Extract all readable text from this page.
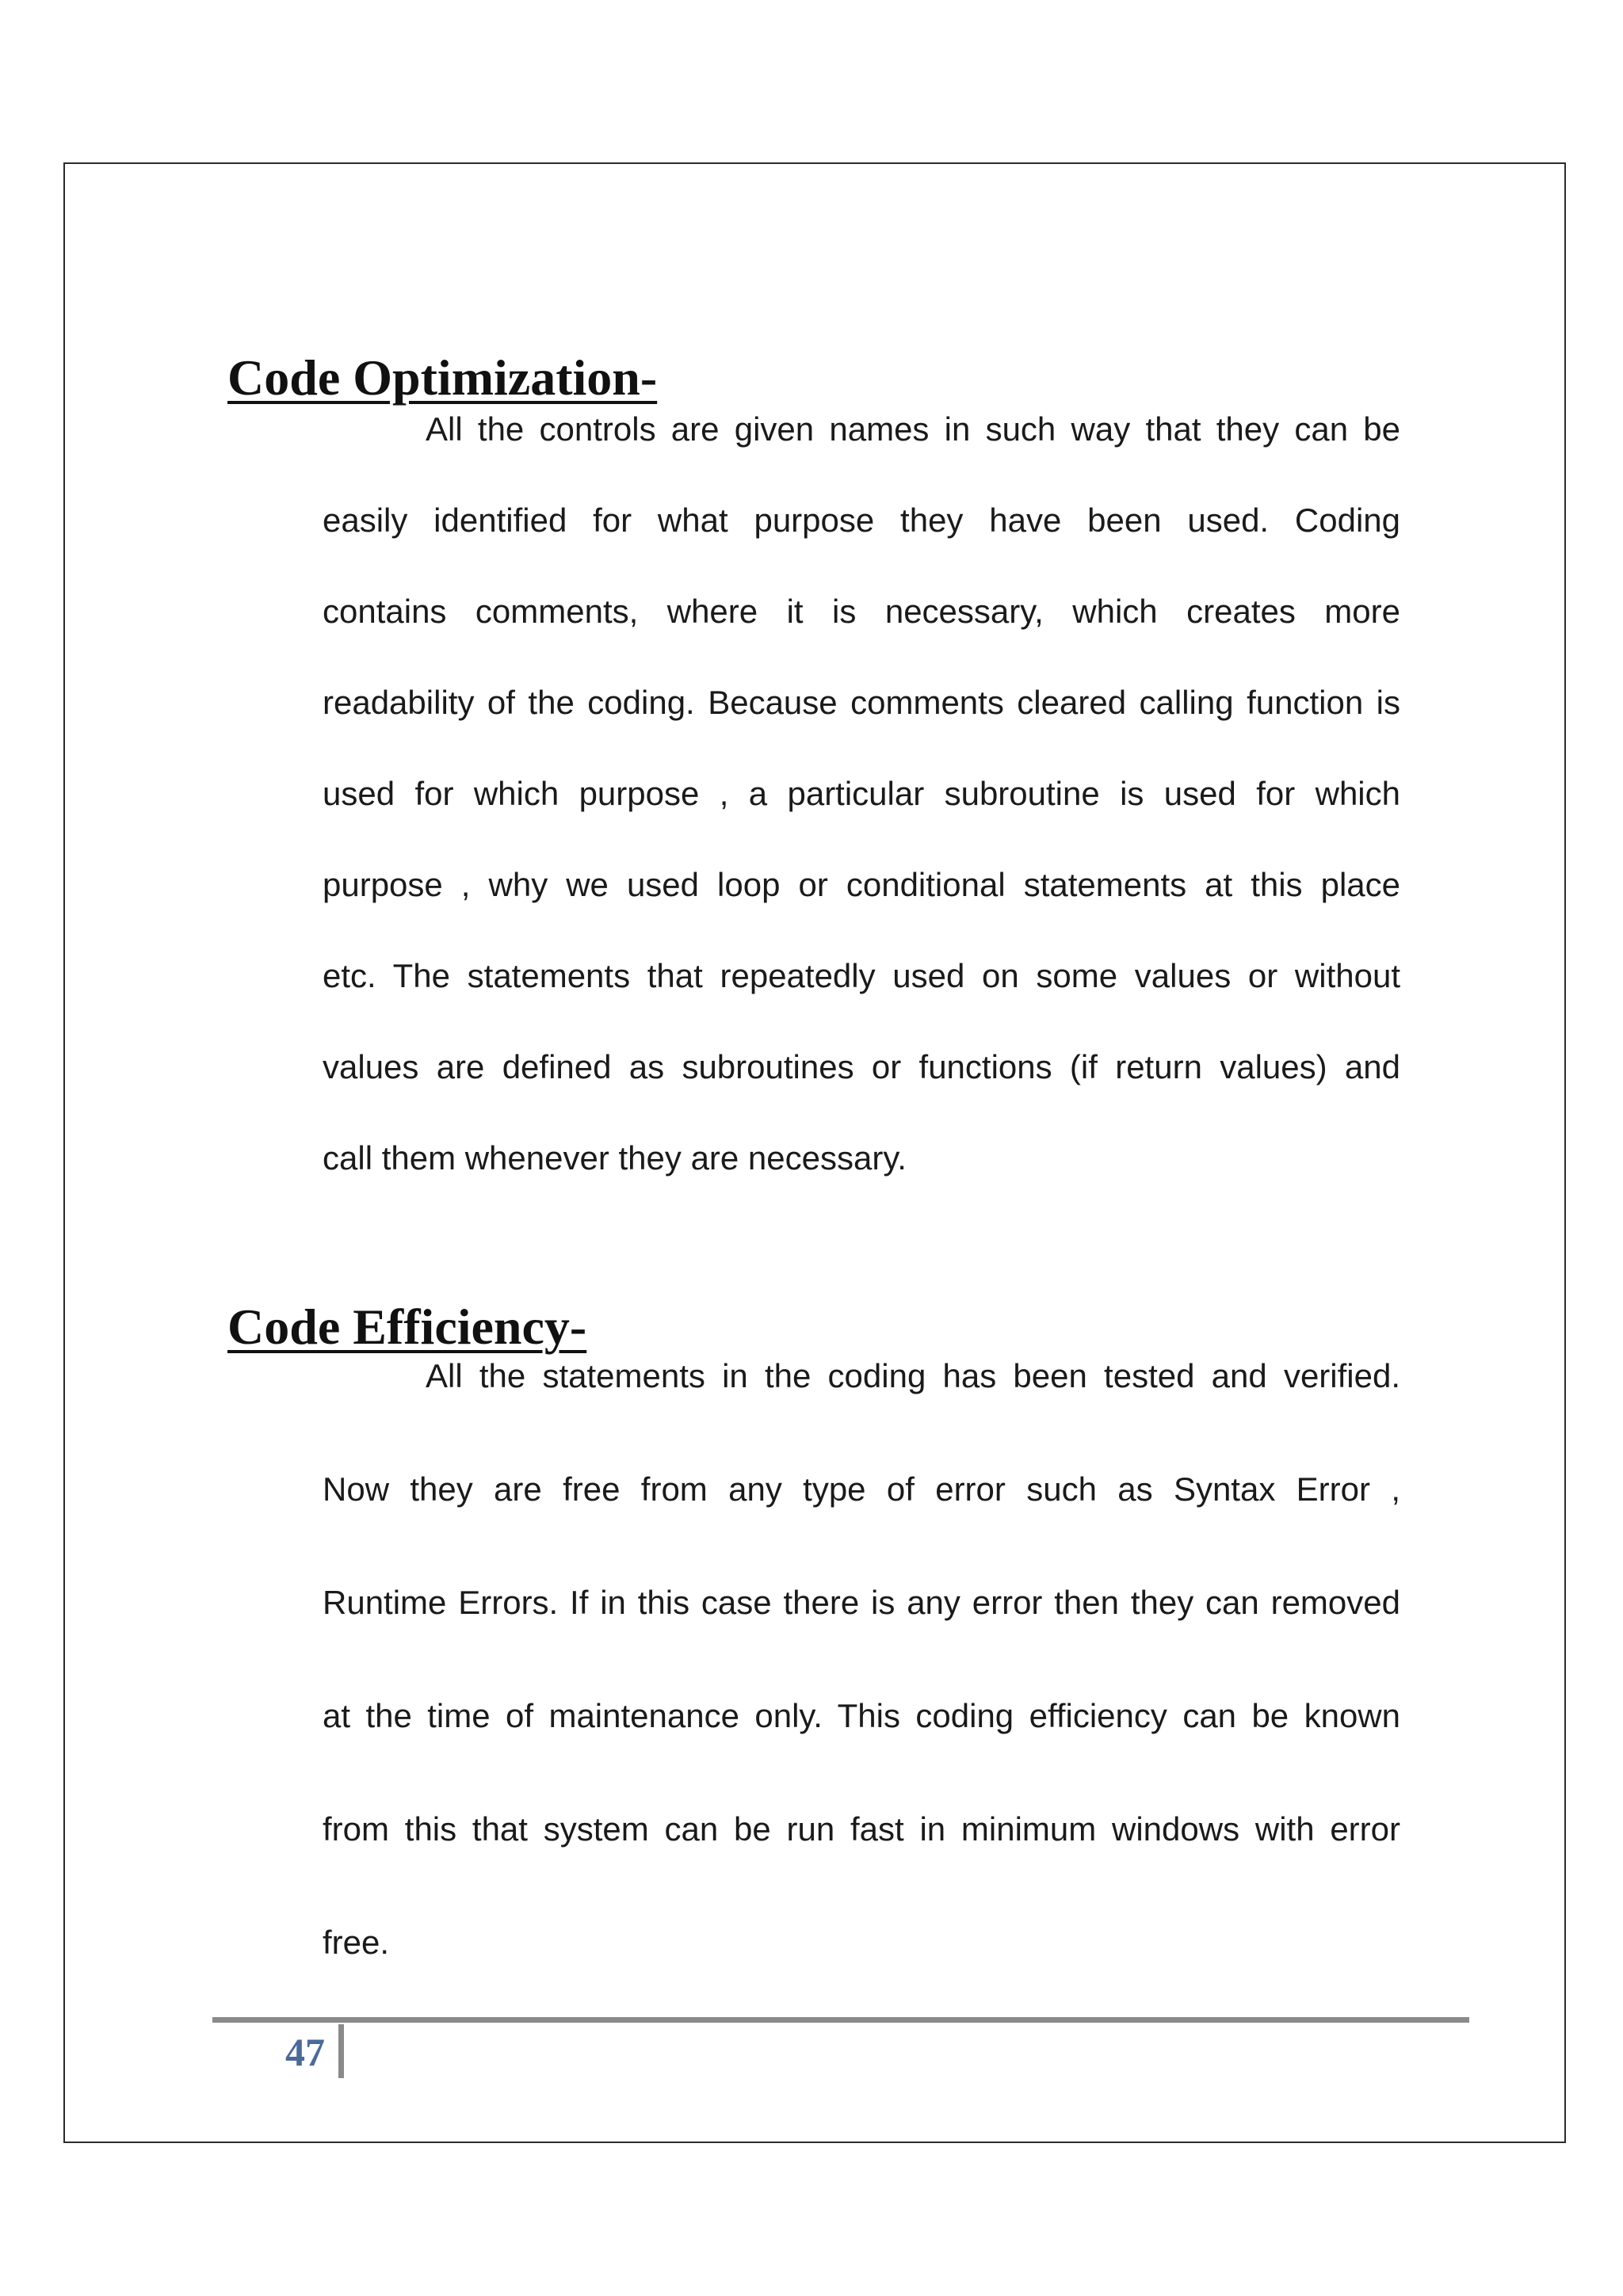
Code Optimization-
All the controls are given names in such way that they can be
easily identified for what purpose they have been used. Coding
contains comments, where it is necessary, which creates more
readability of the coding. Because comments cleared calling function is
used for which purpose , a particular subroutine is used for which
purpose , why we used loop or conditional statements at this place
etc. The statements that repeatedly used on some values or without
values are defined as subroutines or functions (if return values) and
call them whenever they are necessary.
Code Efficiency-
All the statements in the coding has been tested and verified.
Now they are free from any type of error such as Syntax Error ,
Runtime Errors. If in this case there is any error then they can removed
at the time of maintenance only. This coding efficiency can be known
from this that system can be run fast in minimum windows with error
free.
47
